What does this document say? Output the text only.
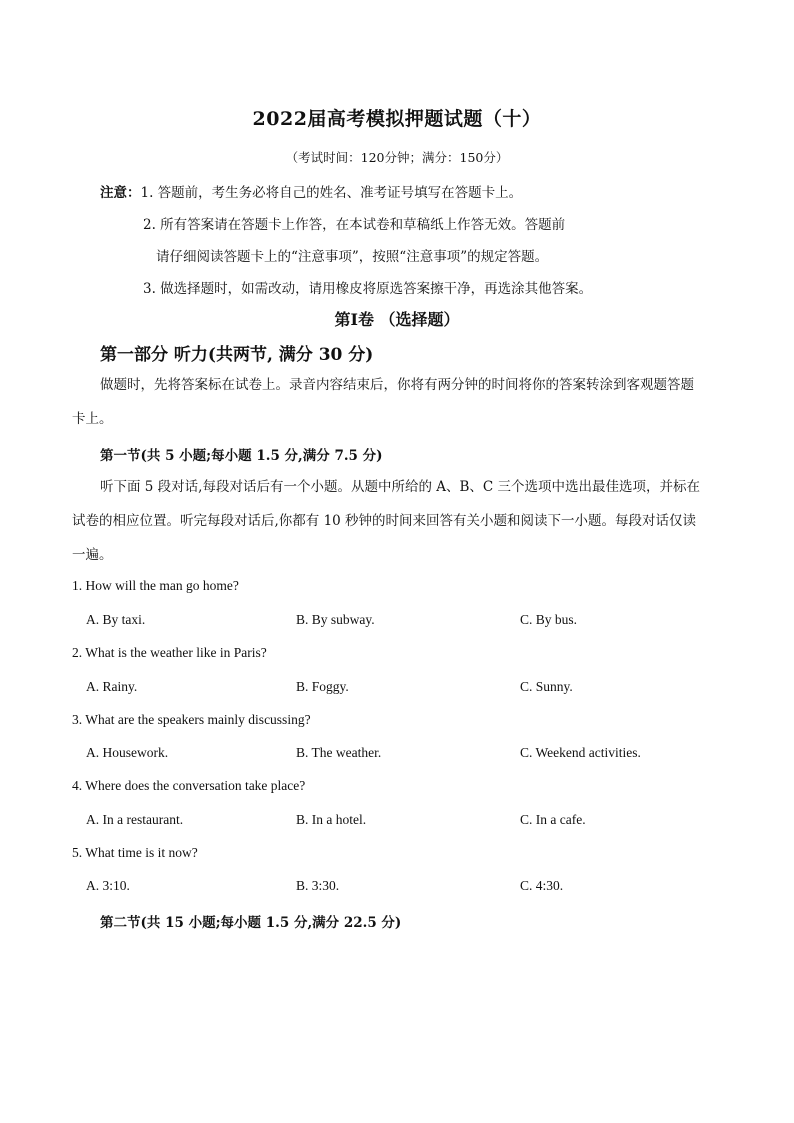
2022届高考模拟押题试题（十）
（考试时间：120分钟；满分：150分）
注意：1. 答题前，考生务必将自己的姓名、准考证号填写在答题卡上。
2. 所有答案请在答题卡上作答，在本试卷和草稿纸上作答无效。答题前
请仔细阅读答题卡上的“注意事项”，按照“注意事项”的规定答题。
3. 做选择题时，如需改动，请用橡皮将原选答案擦干净，再选涂其他答案。
第Ⅰ卷 （选择题）
第一部分 听力(共两节, 满分 30 分)
做题时，先将答案标在试卷上。录音内容结束后，你将有两分钟的时间将你的答案转涂到客观题答题
卡上。
第一节(共 5 小题;每小题 1.5 分,满分 7.5 分)
听下面 5 段对话,每段对话后有一个小题。从题中所给的 A、B、C 三个选项中选出最佳选项，并标在
试卷的相应位置。听完每段对话后,你都有 10 秒钟的时间来回答有关小题和阅读下一小题。每段对话仅读
一遍。
1. How will the man go home?
A. By taxi.	B. By subway.	C. By bus.
2. What is the weather like in Paris?
A. Rainy.	B. Foggy.	C. Sunny.
3. What are the speakers mainly discussing?
A. Housework.	B. The weather.	C. Weekend activities.
4. Where does the conversation take place?
A. In a restaurant.	B. In a hotel.	C. In a cafe.
5. What time is it now?
A. 3:10.	B. 3:30.	C. 4:30.
第二节(共 15 小题;每小题 1.5 分,满分 22.5 分)
